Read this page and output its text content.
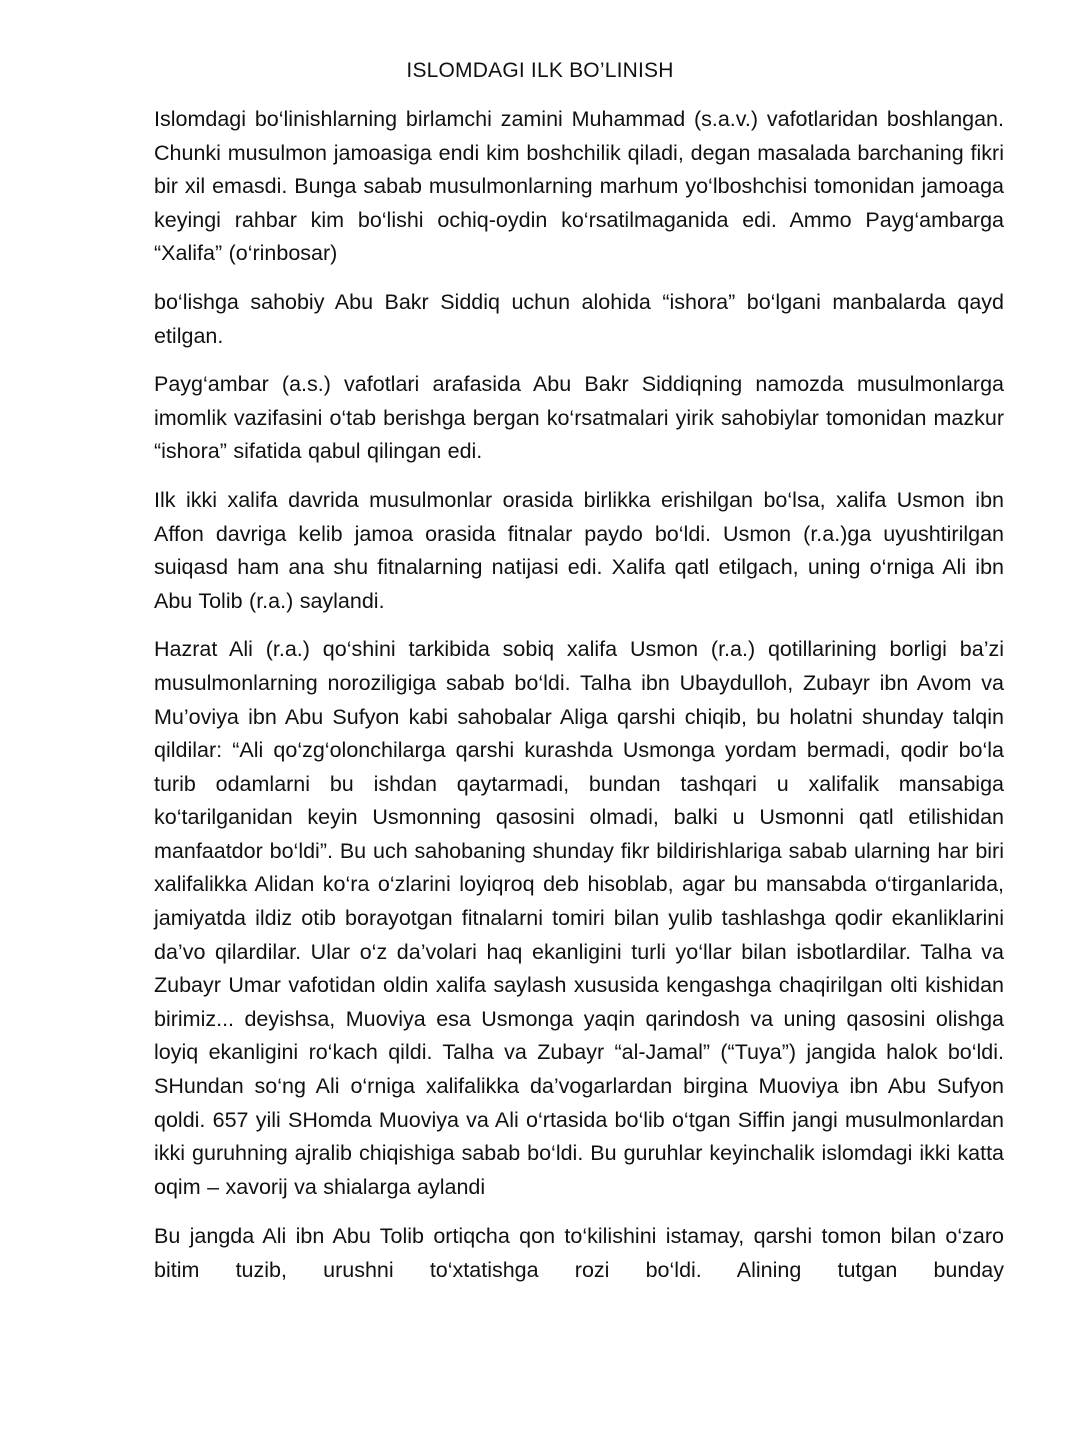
ISLOMDAGI ILK BO’LINISH

Islomdagi bo‘linishlarning birlamchi zamini Muhammad (s.a.v.) vafotlaridan boshlangan. Chunki musulmon jamoasiga endi kim boshchilik qiladi, degan masalada barchaning fikri bir xil emasdi. Bunga sabab musulmonlarning marhum yo‘lboshchisi tomonidan jamoaga keyingi rahbar kim bo‘lishi ochiq-oydin ko‘rsatilmaganida edi. Ammo Payg‘ambarga “Xalifa” (o‘rinbosar)

bo‘lishga sahobiy Abu Bakr Siddiq uchun alohida “ishora” bo‘lgani manbalarda qayd etilgan.

Payg‘ambar (a.s.) vafotlari arafasida Abu Bakr Siddiqning namozda musulmonlarga imomlik vazifasini o‘tab berishga bergan ko‘rsatmalari yirik sahobiylar tomonidan mazkur “ishora” sifatida qabul qilingan edi.

Ilk ikki xalifa davrida musulmonlar orasida birlikka erishilgan bo‘lsa, xalifa Usmon ibn Affon davriga kelib jamoa orasida fitnalar paydo bo‘ldi. Usmon (r.a.)ga uyushtirilgan suiqasd ham ana shu fitnalarning natijasi edi. Xalifa qatl etilgach, uning o‘rniga Ali ibn Abu Tolib (r.a.) saylandi.

Hazrat Ali (r.a.) qo‘shini tarkibida sobiq xalifa Usmon (r.a.) qotillarining borligi ba’zi musulmonlarning noroziligiga sabab bo‘ldi. Talha ibn Ubaydulloh, Zubayr ibn Avom va Mu’oviya ibn Abu Sufyon kabi sahobalar Aliga qarshi chiqib, bu holatni shunday talqin qildilar: “Ali qo‘zg‘olonchilarga qarshi kurashda Usmonga yordam bermadi, qodir bo‘la turib odamlarni bu ishdan qaytarmadi, bundan tashqari u xalifalik mansabiga ko‘tarilganidan keyin Usmonning qasosini olmadi, balki u Usmonni qatl etilishidan manfaatdor bo‘ldi”. Bu uch sahobaning shunday fikr bildirishlariga sabab ularning har biri xalifalikka Alidan ko‘ra o‘zlarini loyiqroq deb hisoblab, agar bu mansabda o‘tirganlarida, jamiyatda ildiz otib borayotgan fitnalarni tomiri bilan yulib tashlashga qodir ekanliklarini da’vo qilardilar. Ular o‘z da’volari haq ekanligini turli yo‘llar bilan isbotlardilar. Talha va Zubayr Umar vafotidan oldin xalifa saylash xususida kengashga chaqirilgan olti kishidan birimiz... deyishsa, Muoviya esa Usmonga yaqin qarindosh va uning qasosini olishga loyiq ekanligini ro‘kach qildi. Talha va Zubayr “al-Jamal” (“Tuya”) jangida halok bo‘ldi. SHundan so‘ng Ali o‘rniga xalifalikka da’vogarlardan birgina Muoviya ibn Abu Sufyon qoldi. 657 yili SHomda Muoviya va Ali o‘rtasida bo‘lib o‘tgan Siffin jangi musulmonlardan ikki guruhning ajralib chiqishiga sabab bo‘ldi. Bu guruhlar keyinchalik islomdagi ikki katta oqim – xavorij va shialarga aylandi

Bu jangda Ali ibn Abu Tolib ortiqcha qon to‘kilishini istamay, qarshi tomon bilan o‘zaro bitim tuzib, urushni to‘xtatishga rozi bo‘ldi. Alining tutgan bunday
